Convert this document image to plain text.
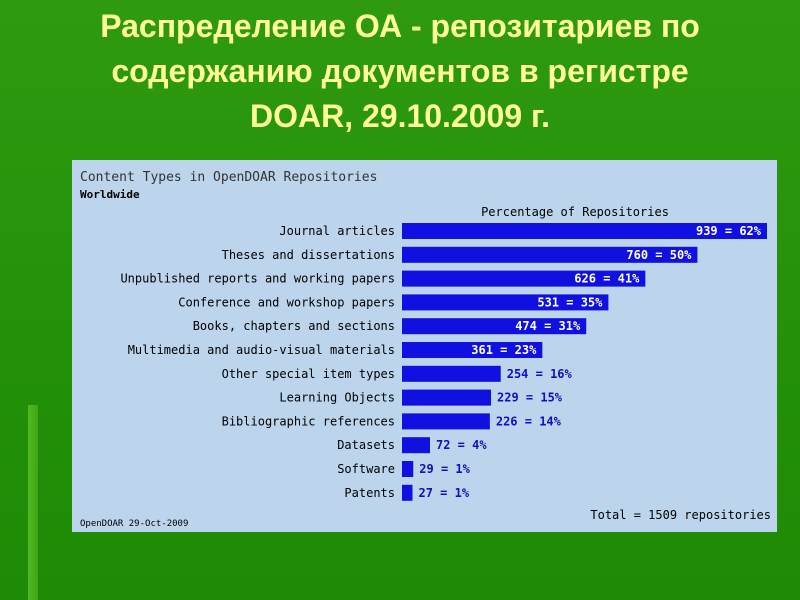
Распределение ОА - репозитариев по
содержанию документов в регистре
DOAR, 29.10.2009 г.
Content Types in OpenDOAR Repositories
Worldwide
Percentage of Repositories
Journal articles	939 = 62%
Theses and dissertations	760 = 50%
Unpublished reports and working papers	626 = 41%
Conference and workshop papers	531 = 35%
Books, chapters and sections	474 = 31%
Multimedia and audio-visual materials	361 = 23%
Other special item types	254 = 16%
Learning Objects	229 = 15%
Bibliographic references	226 = 14%
Datasets	72 = 4%
Software 29 = 1%
Patents 27 = 1%
OpenDOAR 29-Oct-2009
Total = 1509 repositories
